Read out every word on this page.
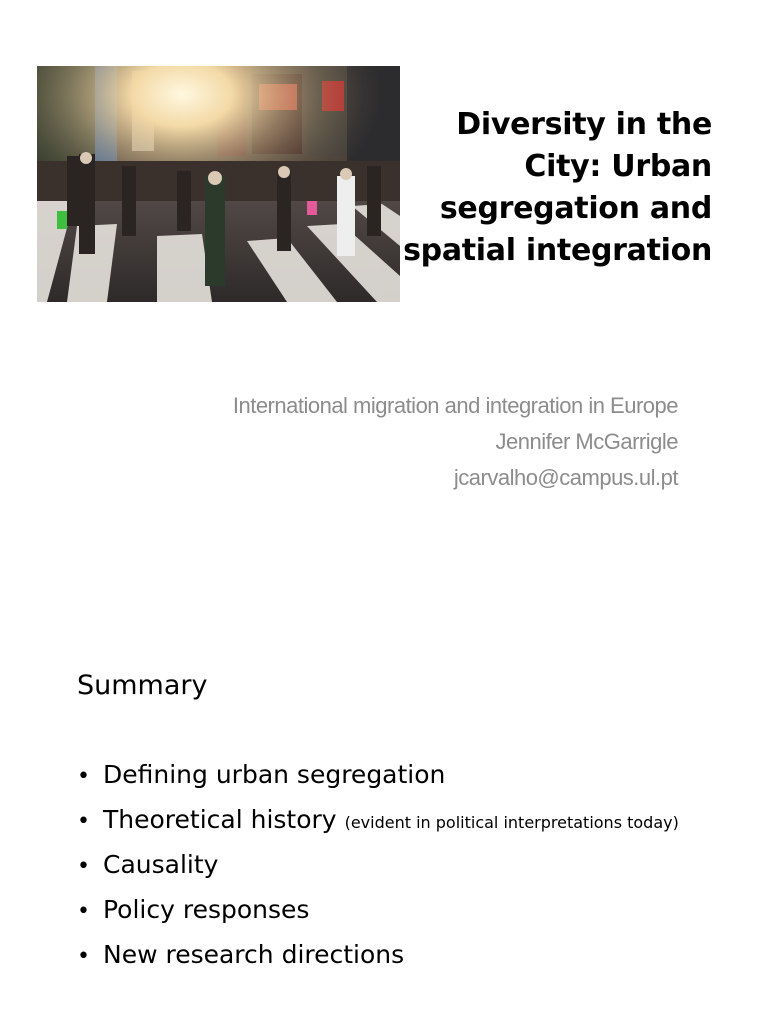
Diversity in the
City: Urban
segregation and
spatial integration
International migration and integration in Europe
Jennifer McGarrigle
jcarvalho@campus.ul.pt
Summary
• Defining urban segregation
• Theoretical history (evident in political interpretations today)
• Causality
• Policy responses
• New research directions
